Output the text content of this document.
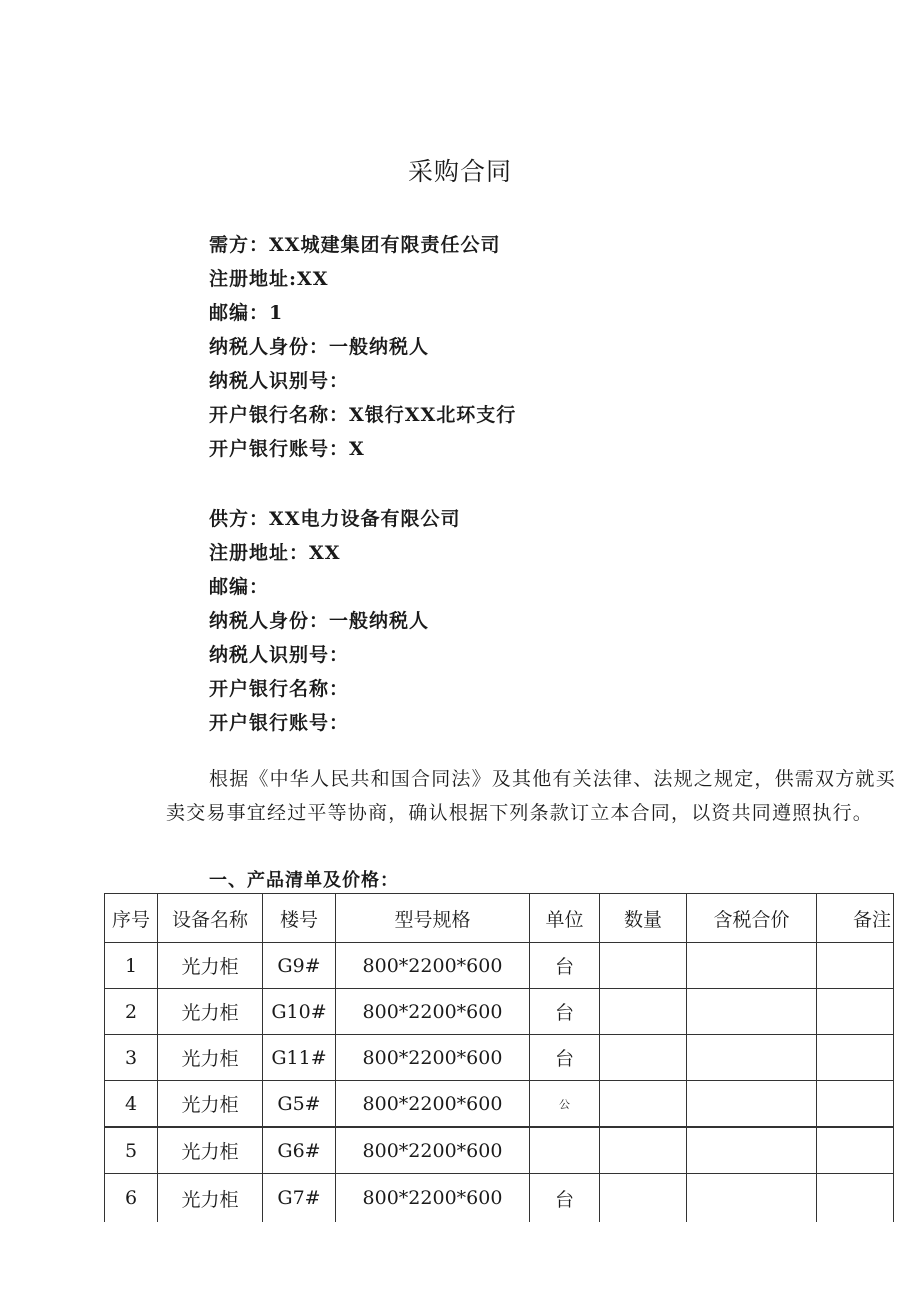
采购合同
需方：XX城建集团有限责任公司
注册地址:XX
邮编：1
纳税人身份：一般纳税人
纳税人识别号：
开户银行名称：X银行XX北环支行
开户银行账号：X
供方：XX电力设备有限公司
注册地址：XX
邮编：
纳税人身份：一般纳税人
纳税人识别号：
开户银行名称：
开户银行账号：
根据《中华人民共和国合同法》及其他有关法律、法规之规定，供需双方就买卖交易事宜经过平等协商，确认根据下列条款订立本合同，以资共同遵照执行。
一、产品清单及价格：
序号	设备名称	楼号	型号规格	单位	数量	含税合价	备注
1	光力柜	G9#	800*2200*600	台			
2	光力柜	G10#	800*2200*600	台			
3	光力柜	G11#	800*2200*600	台			
4	光力柜	G5#	800*2200*600	公			
5	光力柜	G6#	800*2200*600				
6	光力柜	G7#	800*2200*600	台			
